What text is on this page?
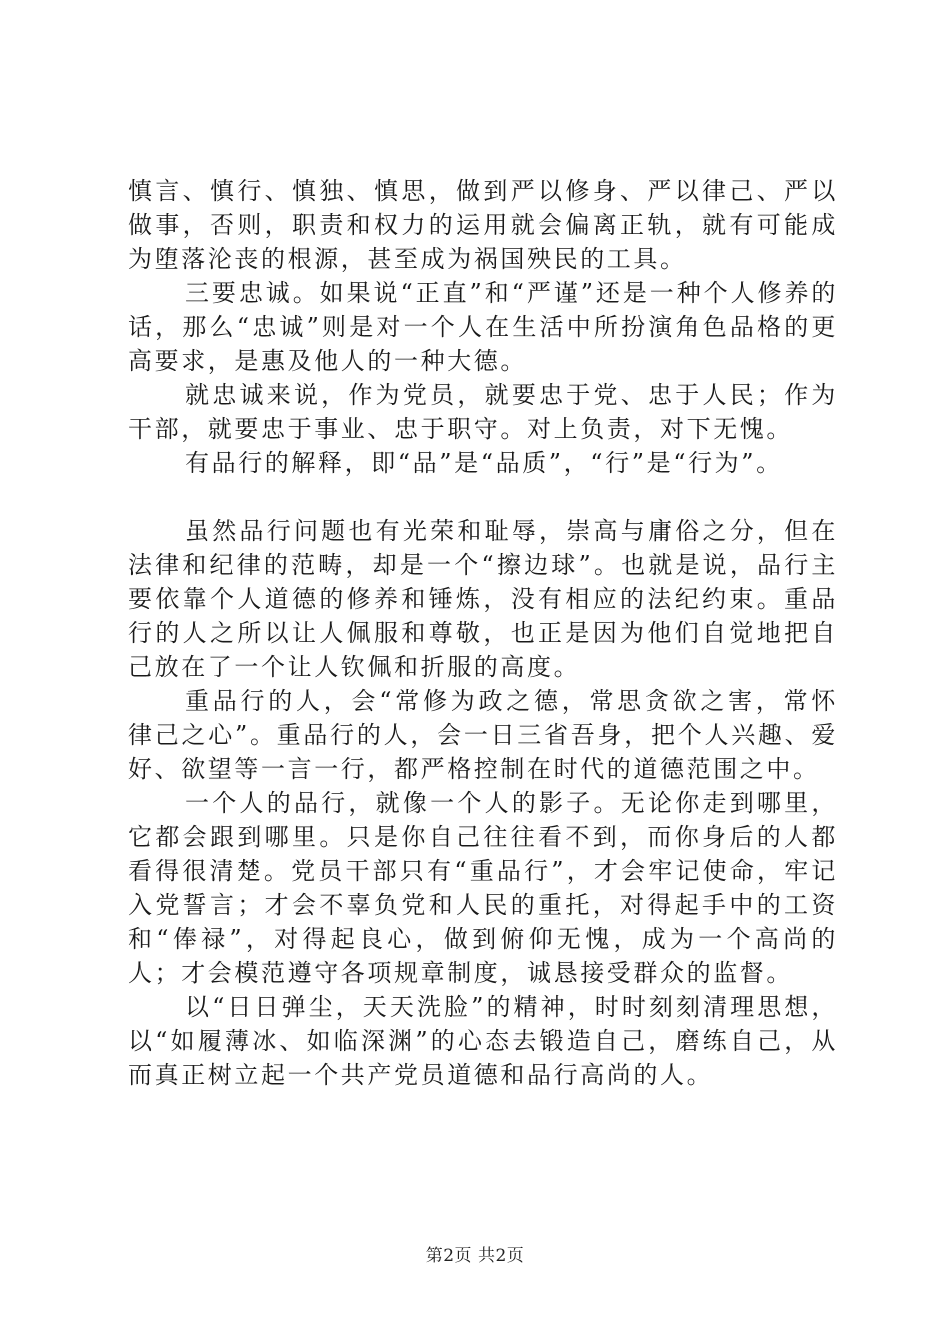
慎言、慎行、慎独、慎思，做到严以修身、严以律己、严以做事，否则，职责和权力的运用就会偏离正轨，就有可能成为堕落沦丧的根源，甚至成为祸国殃民的工具。

三要忠诚。如果说“正直”和“严谨”还是一种个人修养的话，那么“忠诚”则是对一个人在生活中所扮演角色品格的更高要求，是惠及他人的一种大德。

就忠诚来说，作为党员，就要忠于党、忠于人民；作为干部，就要忠于事业、忠于职守。对上负责，对下无愧。

有品行的解释，即“品”是“品质”，“行”是“行为”。

虽然品行问题也有光荣和耻辱，崇高与庸俗之分，但在法律和纪律的范畴，却是一个“擦边球”。也就是说，品行主要依靠个人道德的修养和锤炼，没有相应的法纪约束。重品行的人之所以让人佩服和尊敬，也正是因为他们自觉地把自己放在了一个让人钦佩和折服的高度。

重品行的人，会“常修为政之德，常思贪欲之害，常怀律己之心”。重品行的人，会一日三省吾身，把个人兴趣、爱好、欲望等一言一行，都严格控制在时代的道德范围之中。

一个人的品行，就像一个人的影子。无论你走到哪里，它都会跟到哪里。只是你自己往往看不到，而你身后的人都看得很清楚。党员干部只有“重品行”，才会牢记使命，牢记入党誓言；才会不辜负党和人民的重托，对得起手中的工资和“俸禄”，对得起良心，做到俯仰无愧，成为一个高尚的人；才会模范遵守各项规章制度，诚恳接受群众的监督。

以“日日弹尘，天天洗脸”的精神，时时刻刻清理思想，以“如履薄冰、如临深渊”的心态去锻造自己，磨练自己，从而真正树立起一个共产党员道德和品行高尚的人。

第2页 共2页
